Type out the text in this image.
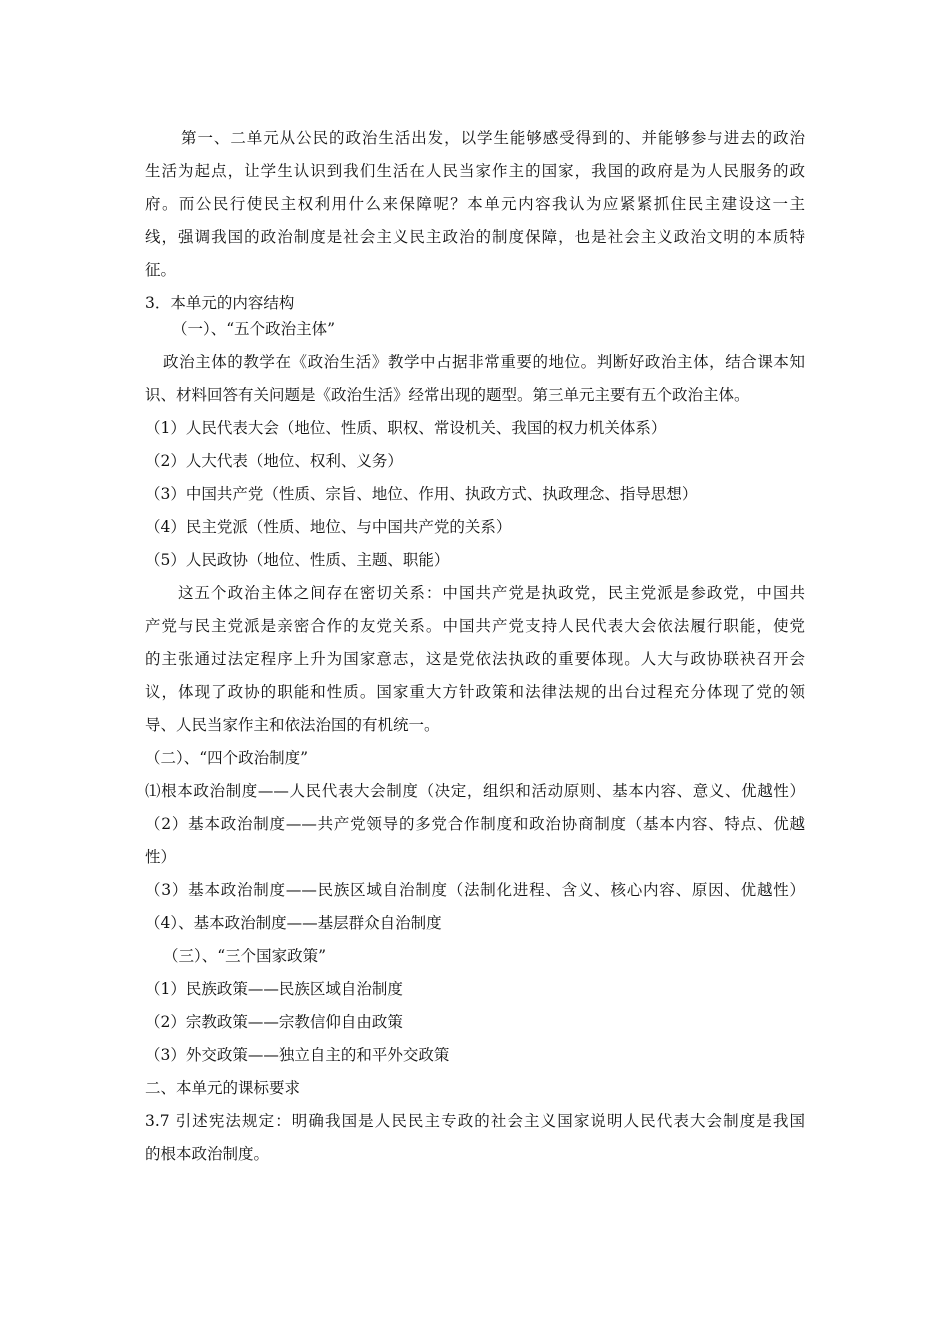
第一、二单元从公民的政治生活出发，以学生能够感受得到的、并能够参与进去的政治
生活为起点，让学生认识到我们生活在人民当家作主的国家，我国的政府是为人民服务的政
府。而公民行使民主权利用什么来保障呢？本单元内容我认为应紧紧抓住民主建设这一主
线，强调我国的政治制度是社会主义民主政治的制度保障，也是社会主义政治文明的本质特
征。
3．本单元的内容结构
（一）、“五个政治主体”
政治主体的教学在《政治生活》教学中占据非常重要的地位。判断好政治主体，结合课本知
识、材料回答有关问题是《政治生活》经常出现的题型。第三单元主要有五个政治主体。
（1）人民代表大会（地位、性质、职权、常设机关、我国的权力机关体系）
（2）人大代表（地位、权利、义务）
（3）中国共产党（性质、宗旨、地位、作用、执政方式、执政理念、指导思想）
（4）民主党派（性质、地位、与中国共产党的关系）
（5）人民政协（地位、性质、主题、职能）
这五个政治主体之间存在密切关系：中国共产党是执政党，民主党派是参政党，中国共
产党与民主党派是亲密合作的友党关系。中国共产党支持人民代表大会依法履行职能，使党
的主张通过法定程序上升为国家意志，这是党依法执政的重要体现。人大与政协联袂召开会
议，体现了政协的职能和性质。国家重大方针政策和法律法规的出台过程充分体现了党的领
导、人民当家作主和依法治国的有机统一。
（二）、“四个政治制度”
⑴根本政治制度——人民代表大会制度（决定，组织和活动原则、基本内容、意义、优越性）
（2）基本政治制度——共产党领导的多党合作制度和政治协商制度（基本内容、特点、优越
性）
（3）基本政治制度——民族区域自治制度（法制化进程、含义、核心内容、原因、优越性）
（4）、基本政治制度——基层群众自治制度
（三）、“三个国家政策”
（1）民族政策——民族区域自治制度
（2）宗教政策——宗教信仰自由政策
（3）外交政策——独立自主的和平外交政策
二、本单元的课标要求
3.7 引述宪法规定：明确我国是人民民主专政的社会主义国家说明人民代表大会制度是我国
的根本政治制度。
